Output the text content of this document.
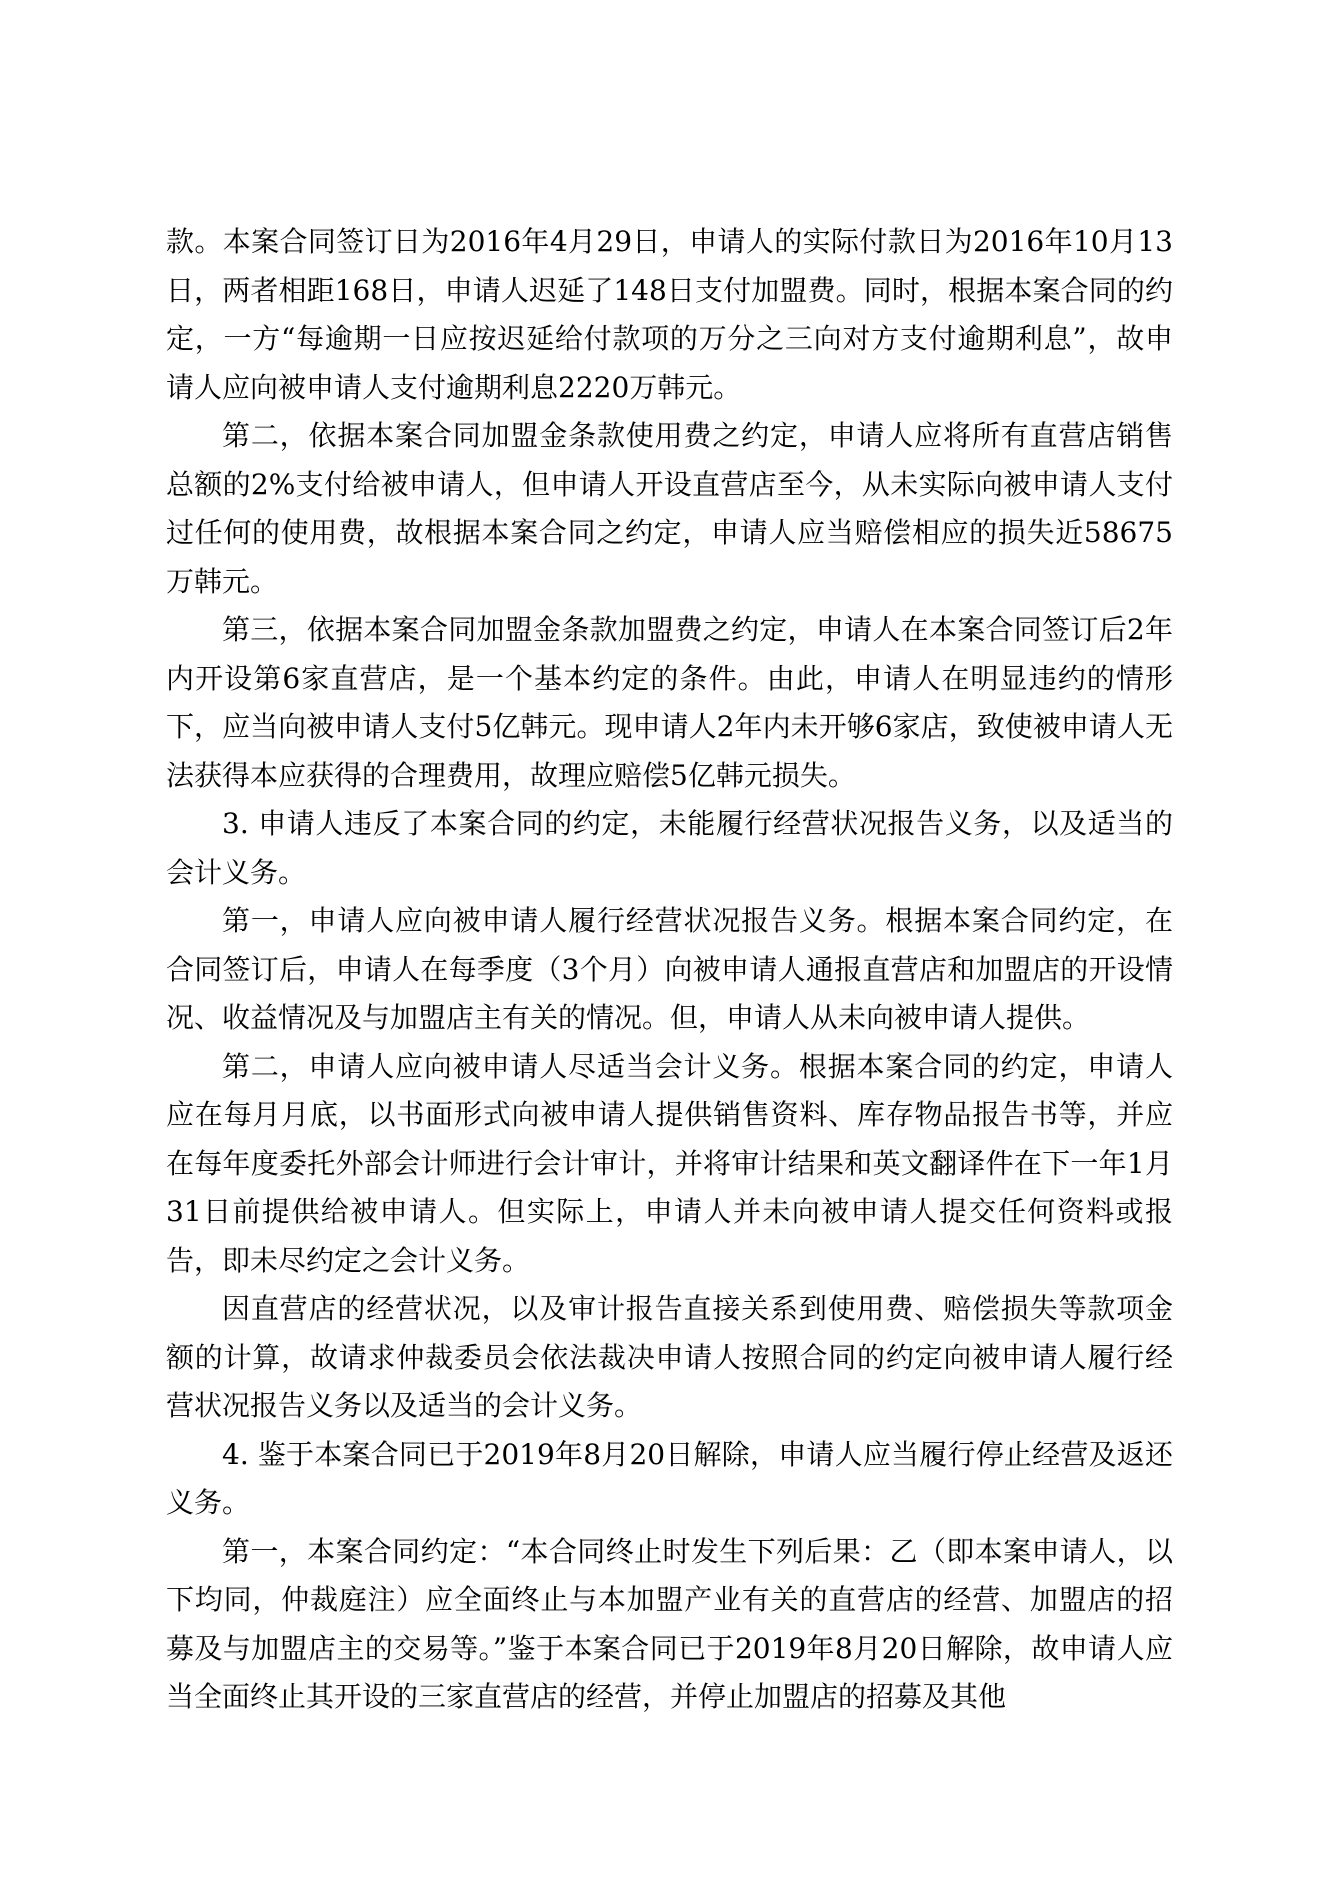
款。本案合同签订日为2016年4月29日，申请人的实际付款日为2016年10月13日，两者相距168日，申请人迟延了148日支付加盟费。同时，根据本案合同的约定，一方“每逾期一日应按迟延给付款项的万分之三向对方支付逾期利息”，故申请人应向被申请人支付逾期利息2220万韩元。

第二，依据本案合同加盟金条款使用费之约定，申请人应将所有直营店销售总额的2%支付给被申请人，但申请人开设直营店至今，从未实际向被申请人支付过任何的使用费，故根据本案合同之约定，申请人应当赔偿相应的损失近58675万韩元。

第三，依据本案合同加盟金条款加盟费之约定，申请人在本案合同签订后2年内开设第6家直营店，是一个基本约定的条件。由此，申请人在明显违约的情形下，应当向被申请人支付5亿韩元。现申请人2年内未开够6家店，致使被申请人无法获得本应获得的合理费用，故理应赔偿5亿韩元损失。

3. 申请人违反了本案合同的约定，未能履行经营状况报告义务，以及适当的会计义务。

第一，申请人应向被申请人履行经营状况报告义务。根据本案合同约定，在合同签订后，申请人在每季度（3个月）向被申请人通报直营店和加盟店的开设情况、收益情况及与加盟店主有关的情况。但，申请人从未向被申请人提供。

第二，申请人应向被申请人尽适当会计义务。根据本案合同的约定，申请人应在每月月底，以书面形式向被申请人提供销售资料、库存物品报告书等，并应在每年度委托外部会计师进行会计审计，并将审计结果和英文翻译件在下一年1月31日前提供给被申请人。但实际上，申请人并未向被申请人提交任何资料或报告，即未尽约定之会计义务。

因直营店的经营状况，以及审计报告直接关系到使用费、赔偿损失等款项金额的计算，故请求仲裁委员会依法裁决申请人按照合同的约定向被申请人履行经营状况报告义务以及适当的会计义务。

4. 鉴于本案合同已于2019年8月20日解除，申请人应当履行停止经营及返还义务。

第一，本案合同约定：“本合同终止时发生下列后果：乙（即本案申请人，以下均同，仲裁庭注）应全面终止与本加盟产业有关的直营店的经营、加盟店的招募及与加盟店主的交易等。”鉴于本案合同已于2019年8月20日解除，故申请人应当全面终止其开设的三家直营店的经营，并停止加盟店的招募及其他
